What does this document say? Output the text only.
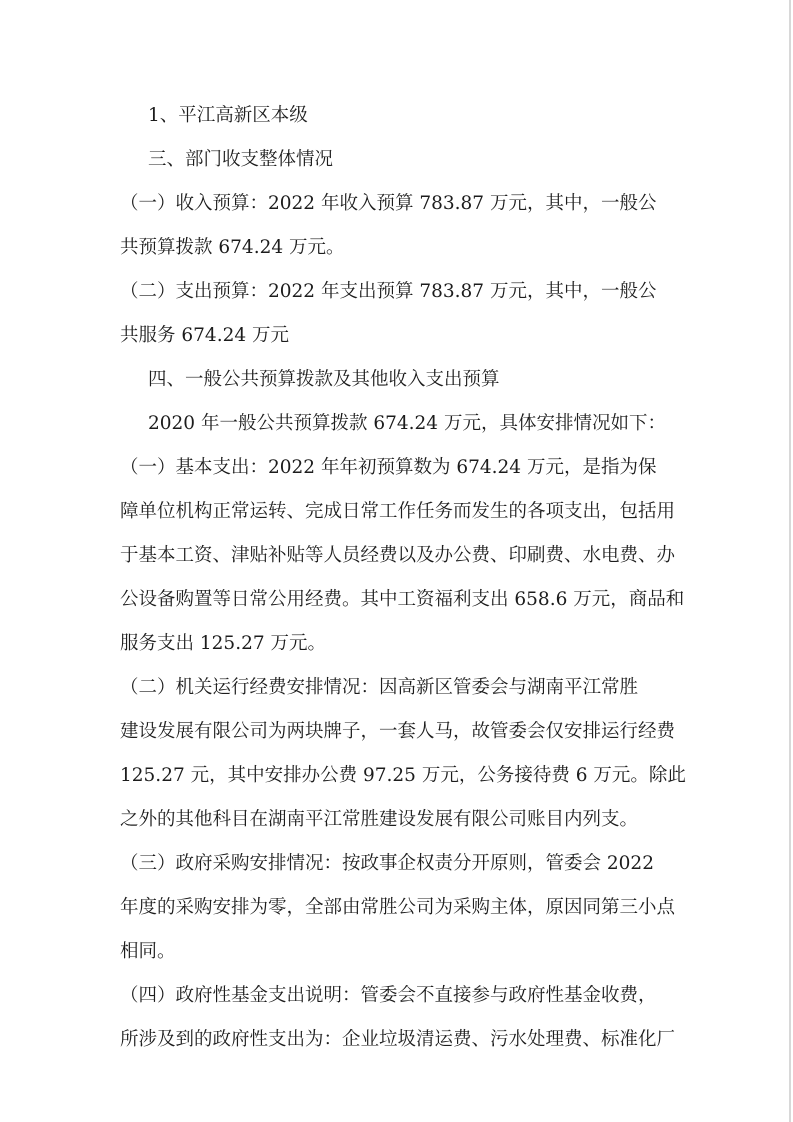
1、平江高新区本级
三、部门收支整体情况
（一）收入预算：2022 年收入预算 783.87 万元，其中，一般公
共预算拨款 674.24 万元。
（二）支出预算：2022 年支出预算 783.87 万元，其中，一般公
共服务 674.24 万元
四、一般公共预算拨款及其他收入支出预算
2020 年一般公共预算拨款 674.24 万元，具体安排情况如下：
（一）基本支出：2022 年年初预算数为 674.24 万元，是指为保
障单位机构正常运转、完成日常工作任务而发生的各项支出，包括用
于基本工资、津贴补贴等人员经费以及办公费、印刷费、水电费、办
公设备购置等日常公用经费。其中工资福利支出 658.6 万元，商品和
服务支出 125.27 万元。
（二）机关运行经费安排情况：因高新区管委会与湖南平江常胜
建设发展有限公司为两块牌子，一套人马，故管委会仅安排运行经费
125.27 元，其中安排办公费 97.25 万元，公务接待费 6 万元。除此
之外的其他科目在湖南平江常胜建设发展有限公司账目内列支。
（三）政府采购安排情况：按政事企权责分开原则，管委会 2022
年度的采购安排为零，全部由常胜公司为采购主体，原因同第三小点
相同。
（四）政府性基金支出说明：管委会不直接参与政府性基金收费，
所涉及到的政府性支出为：企业垃圾清运费、污水处理费、标准化厂
